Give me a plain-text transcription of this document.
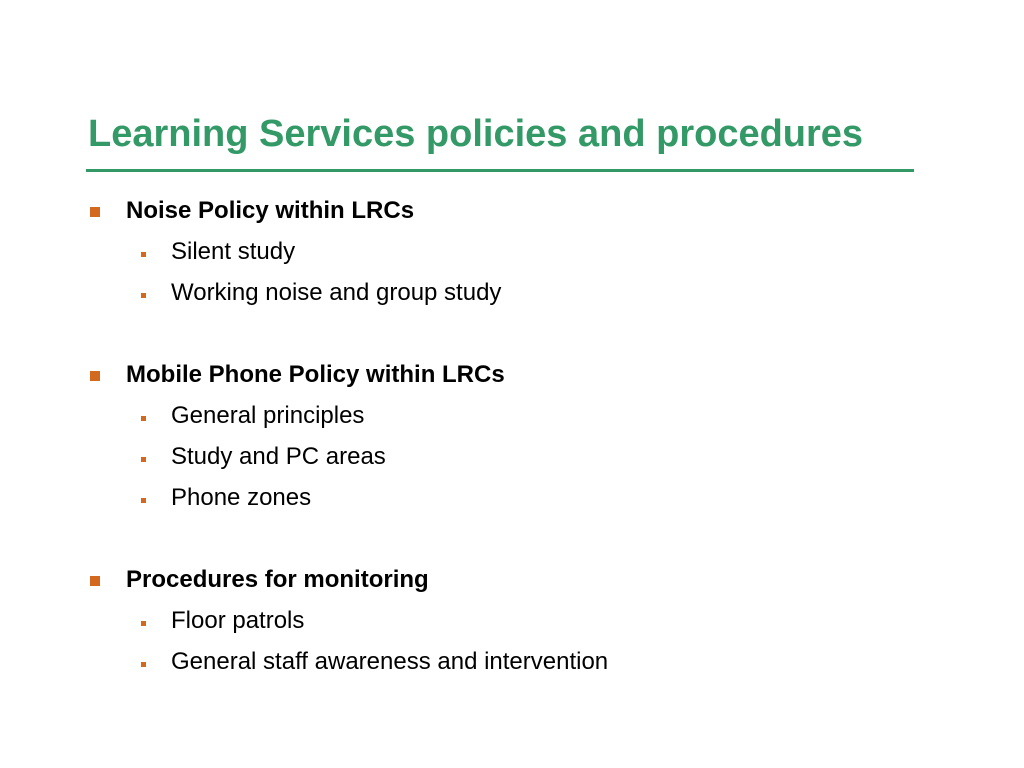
Learning Services policies and procedures
Noise Policy within LRCs
Silent study
Working noise and group study
Mobile Phone Policy within LRCs
General principles
Study and PC areas
Phone zones
Procedures for monitoring
Floor patrols
General staff awareness and intervention
